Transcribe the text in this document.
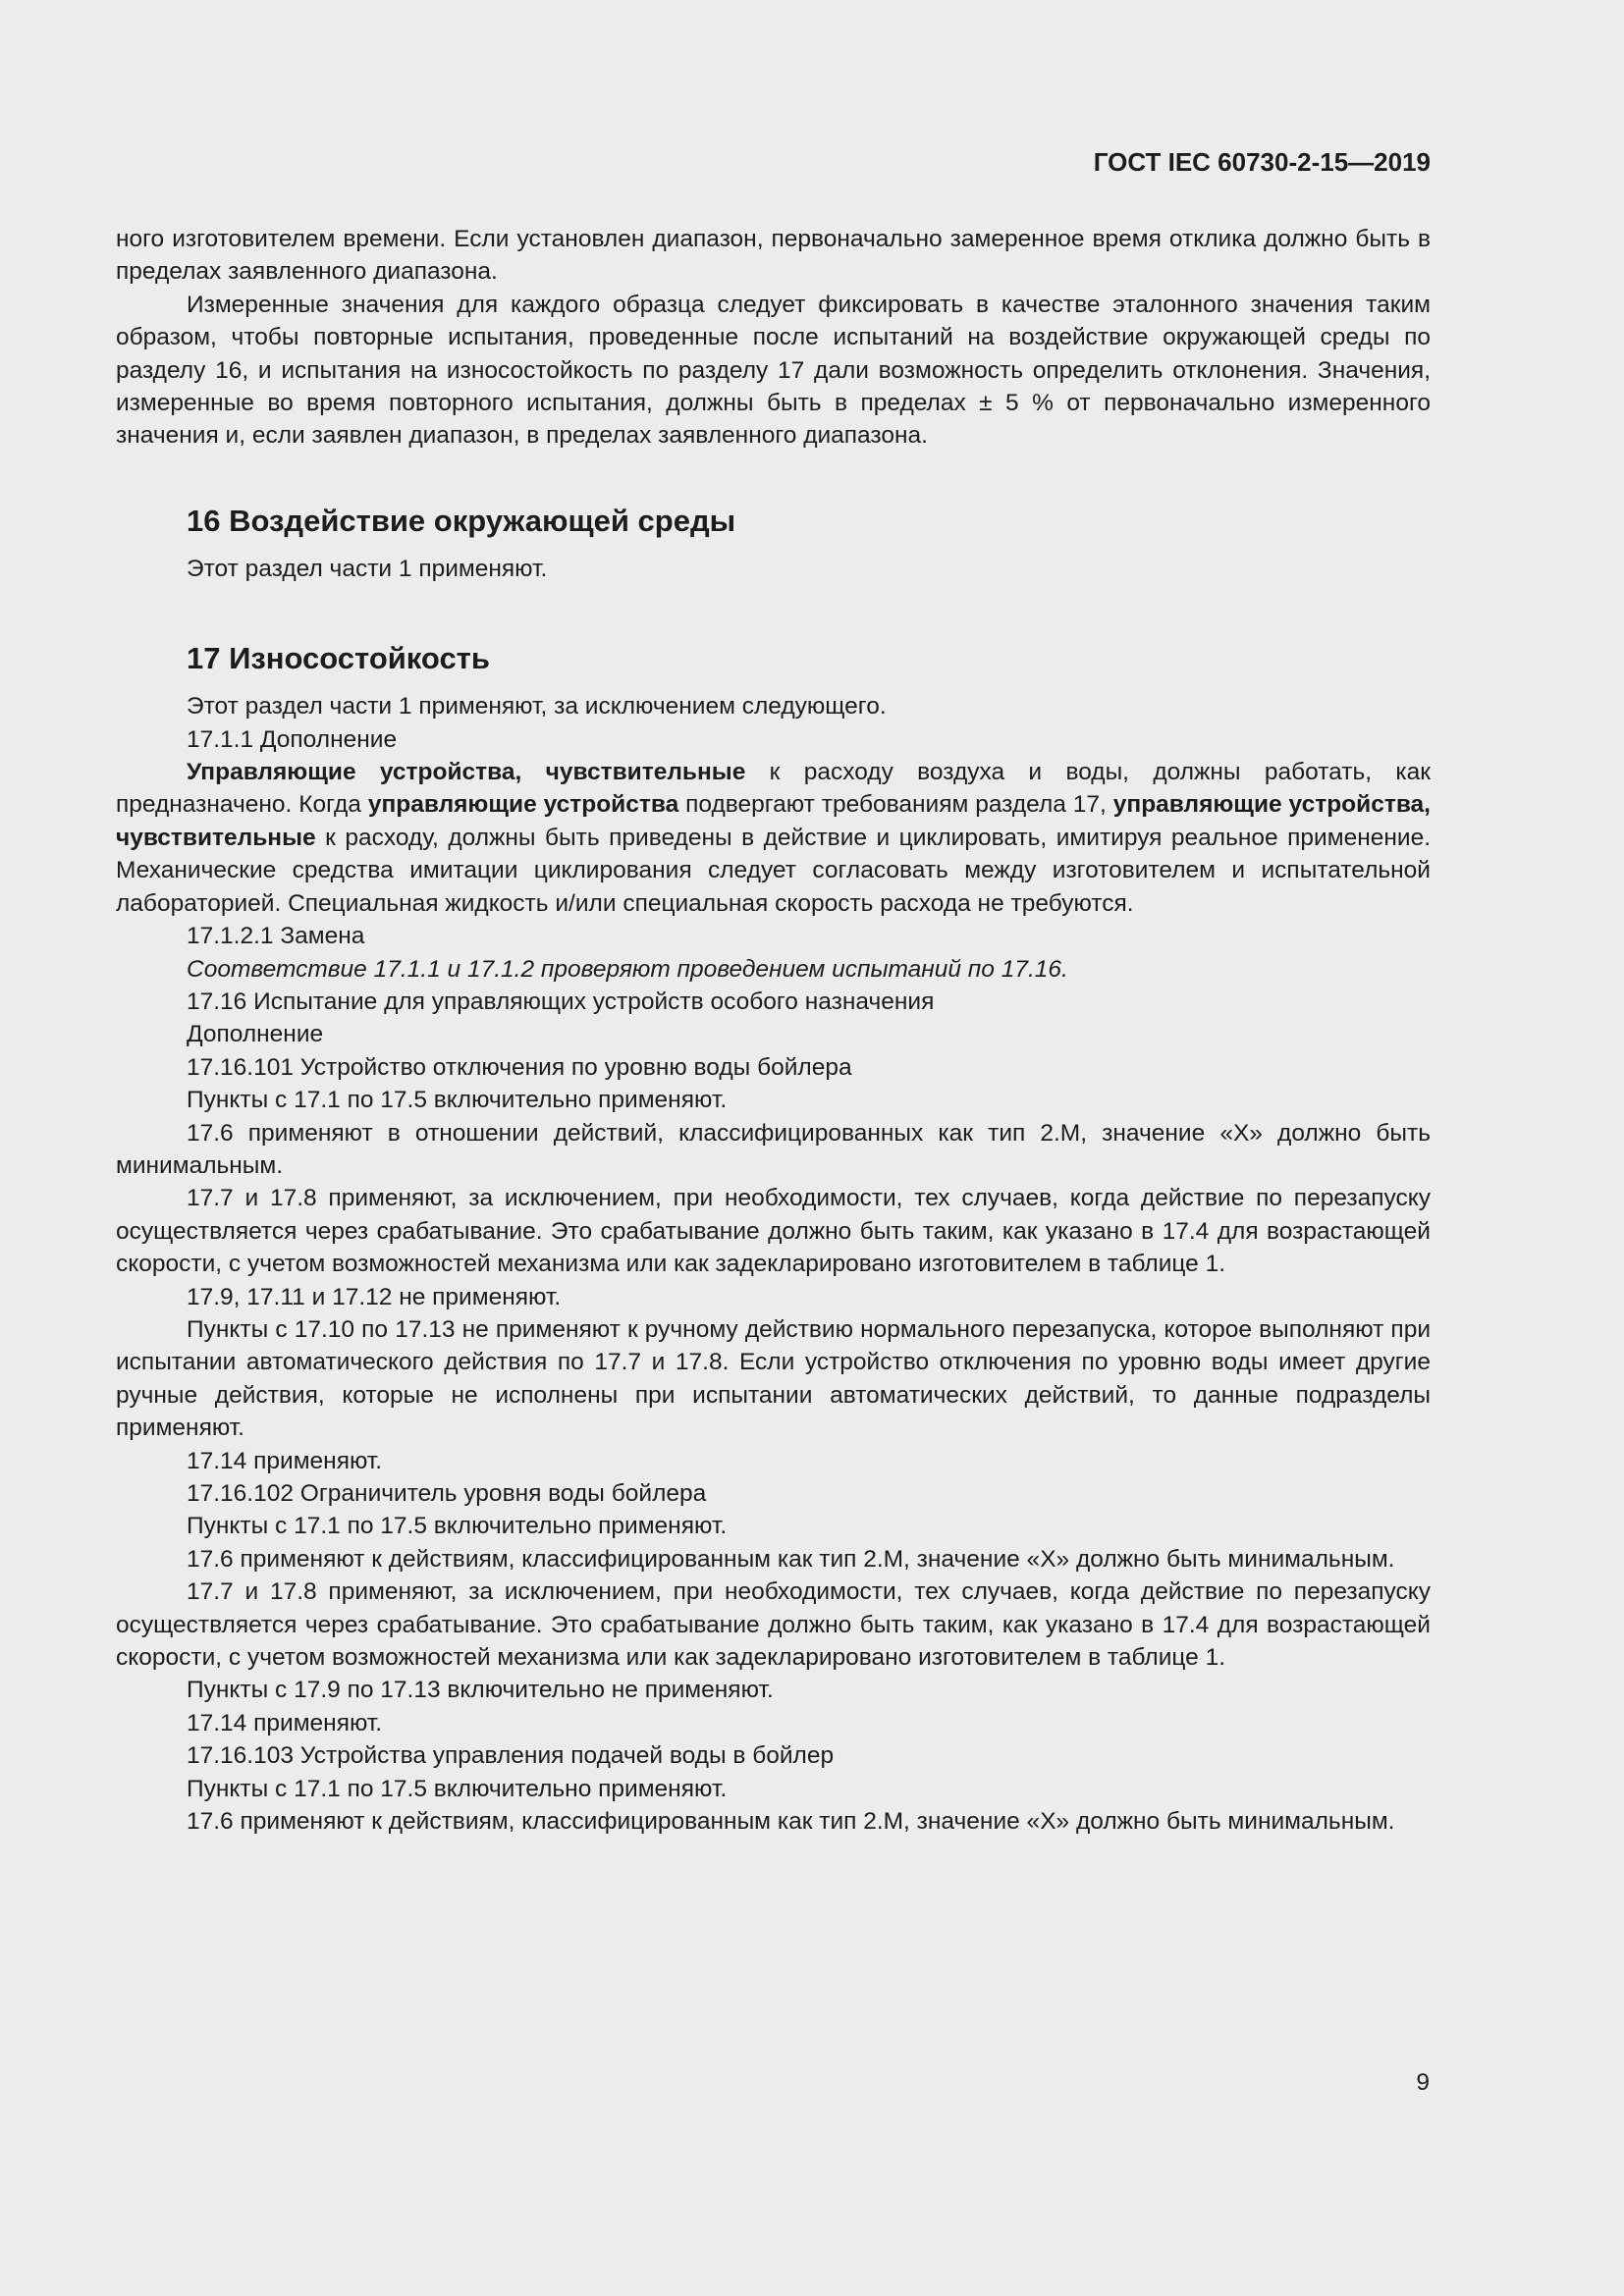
ГОСТ IEC 60730-2-15—2019

ного изготовителем времени. Если установлен диапазон, первоначально замеренное время отклика должно быть в пределах заявленного диапазона.

Измеренные значения для каждого образца следует фиксировать в качестве эталонного значения таким образом, чтобы повторные испытания, проведенные после испытаний на воздействие окружающей среды по разделу 16, и испытания на износостойкость по разделу 17 дали возможность определить отклонения. Значения, измеренные во время повторного испытания, должны быть в пределах ± 5 % от первоначально измеренного значения и, если заявлен диапазон, в пределах заявленного диапазона.

16 Воздействие окружающей среды

Этот раздел части 1 применяют.

17 Износостойкость

Этот раздел части 1 применяют, за исключением следующего.

17.1.1 Дополнение

Управляющие устройства, чувствительные к расходу воздуха и воды, должны работать, как предназначено. Когда управляющие устройства подвергают требованиям раздела 17, управляющие устройства, чувствительные к расходу, должны быть приведены в действие и циклировать, имитируя реальное применение. Механические средства имитации циклирования следует согласовать между изготовителем и испытательной лабораторией. Специальная жидкость и/или специальная скорость расхода не требуются.

17.1.2.1 Замена

Соответствие 17.1.1 и 17.1.2 проверяют проведением испытаний по 17.16.

17.16 Испытание для управляющих устройств особого назначения

Дополнение

17.16.101 Устройство отключения по уровню воды бойлера

Пункты с 17.1 по 17.5 включительно применяют.

17.6 применяют в отношении действий, классифицированных как тип 2.M, значение «X» должно быть минимальным.

17.7 и 17.8 применяют, за исключением, при необходимости, тех случаев, когда действие по перезапуску осуществляется через срабатывание. Это срабатывание должно быть таким, как указано в 17.4 для возрастающей скорости, с учетом возможностей механизма или как задекларировано изготовителем в таблице 1.

17.9, 17.11 и 17.12 не применяют.

Пункты с 17.10 по 17.13 не применяют к ручному действию нормального перезапуска, которое выполняют при испытании автоматического действия по 17.7 и 17.8. Если устройство отключения по уровню воды имеет другие ручные действия, которые не исполнены при испытании автоматических действий, то данные подразделы применяют.

17.14 применяют.

17.16.102 Ограничитель уровня воды бойлера

Пункты с 17.1 по 17.5 включительно применяют.

17.6 применяют к действиям, классифицированным как тип 2.M, значение «X» должно быть минимальным.

17.7 и 17.8 применяют, за исключением, при необходимости, тех случаев, когда действие по перезапуску осуществляется через срабатывание. Это срабатывание должно быть таким, как указано в 17.4 для возрастающей скорости, с учетом возможностей механизма или как задекларировано изготовителем в таблице 1.

Пункты с 17.9 по 17.13 включительно не применяют.

17.14 применяют.

17.16.103 Устройства управления подачей воды в бойлер

Пункты с 17.1 по 17.5 включительно применяют.

17.6 применяют к действиям, классифицированным как тип 2.M, значение «X» должно быть минимальным.

9
